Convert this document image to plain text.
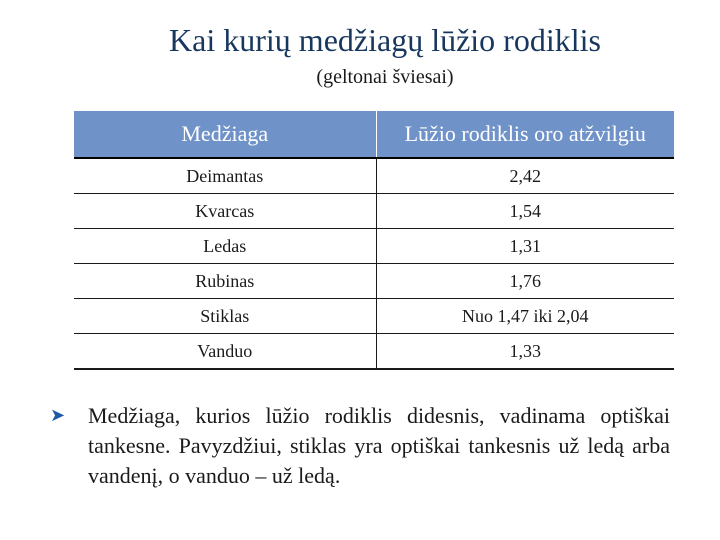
Kai kurių medžiagų lūžio rodiklis
(geltonai šviesai)
Medžiaga	Lūžio rodiklis oro atžvilgiu
Deimantas	2,42
Kvarcas	1,54
Ledas	1,31
Rubinas	1,76
Stiklas	Nuo 1,47 iki 2,04
Vanduo	1,33
➤	Medžiaga, kurios lūžio rodiklis didesnis, vadinama optiškai tankesne. Pavyzdžiui, stiklas yra optiškai tankesnis už ledą arba vandenį, o vanduo – už ledą.
